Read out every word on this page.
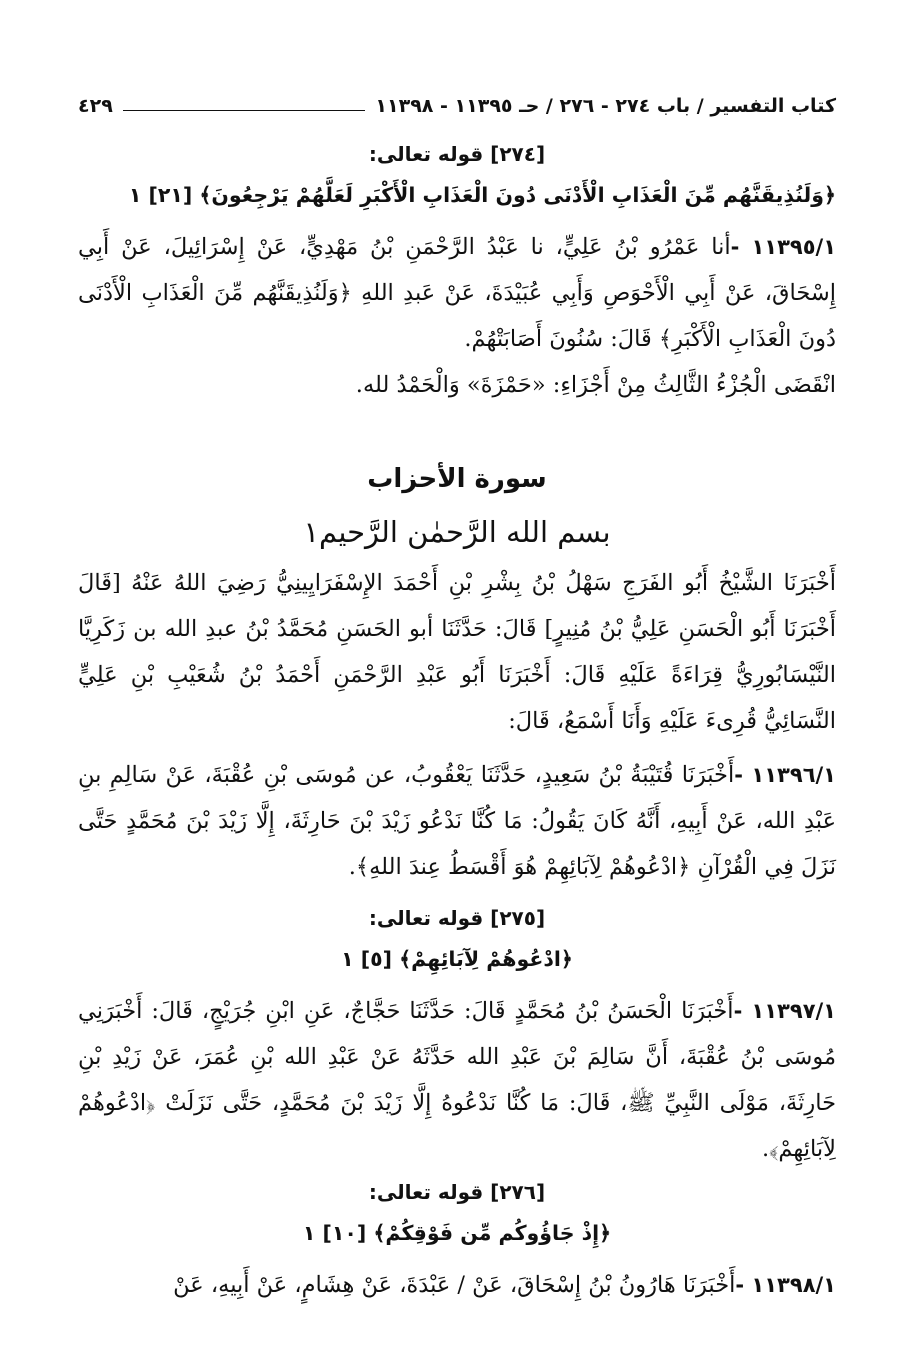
كتاب التفسير / باب ٢٧٤ - ٢٧٦ / حـ ١١٣٩٥ - ١١٣٩٨
٤٢٩

[٢٧٤] قوله تعالى:

﴿وَلَنُذِيقَنَّهُم مِّنَ الْعَذَابِ الْأَدْنَى دُونَ الْعَذَابِ الْأَكْبَرِ لَعَلَّهُمْ يَرْجِعُونَ﴾ [٢١] ١

١١٣٩٥/١ -أنا عَمْرُو بْنُ عَلِيٍّ، نا عَبْدُ الرَّحْمَنِ بْنُ مَهْدِيٍّ، عَنْ إِسْرَائِيلَ، عَنْ أَبِي إِسْحَاقَ، عَنْ أَبِي الْأَحْوَصِ وَأَبِي عُبَيْدَةَ، عَنْ عَبدِ اللهِ ﴿وَلَنُذِيقَنَّهُم مِّنَ الْعَذَابِ الْأَدْنَى دُونَ الْعَذَابِ الْأَكْبَرِ﴾ قَالَ: سُنُونَ أَصَابَتْهُمْ.

انْقَضَى الْجُزْءُ الثَّالِثُ مِنْ أَجْزَاءِ: «حَمْزَةَ» وَالْحَمْدُ لله.

سورة الأحزاب

بسم الله الرَّحمٰن الرَّحيم١

أَخْبَرَنَا الشَّيْخُ أَبُو الفَرَجِ سَهْلُ بْنُ بِشْرِ بْنِ أَحْمَدَ الإِسْفَرَايِينِيُّ رَضِيَ اللهُ عَنْهُ [قَالَ أَخْبَرَنَا أَبُو الْحَسَنِ عَلِيُّ بْنُ مُنِيرٍ] قَالَ: حَدَّثَنَا أبو الحَسَنِ مُحَمَّدُ بْنُ عبدِ الله بن زَكَرِيَّا النَّيْسَابُورِيُّ قِرَاءَةً عَلَيْهِ قَالَ: أَخْبَرَنَا أَبُو عَبْدِ الرَّحْمَنِ أَحْمَدُ بْنُ شُعَيْبِ بْنِ عَلِيٍّ النَّسَائِيُّ قُرِىءَ عَلَيْهِ وَأَنَا أَسْمَعُ، قَالَ:

١١٣٩٦/١ -أَخْبَرَنَا قُتَيْبَةُ بْنُ سَعِيدٍ، حَدَّثَنَا يَعْقُوبُ، عن مُوسَى بْنِ عُقْبَةَ، عَنْ سَالِمِ بنِ عَبْدِ الله، عَنْ أَبِيهِ، أَنَّهُ كَانَ يَقُولُ: مَا كُنَّا نَدْعُو زَيْدَ بْنَ حَارِثَةَ، إِلَّا زَيْدَ بْنَ مُحَمَّدٍ حَتَّى نَزَلَ فِي الْقُرْآنِ ﴿ادْعُوهُمْ لِآبَائِهِمْ هُوَ أَقْسَطُ عِندَ اللهِ﴾.

[٢٧٥] قوله تعالى:

﴿ادْعُوهُمْ لِآبَائِهِمْ﴾ [٥] ١

١١٣٩٧/١ -أَخْبَرَنَا الْحَسَنُ بْنُ مُحَمَّدٍ قَالَ: حَدَّثَنَا حَجَّاجٌ، عَنِ ابْنِ جُرَيْجٍ، قَالَ: أَخْبَرَنِي مُوسَى بْنُ عُقْبَةَ، أَنَّ سَالِمَ بْنَ عَبْدِ الله حَدَّثَهُ عَنْ عَبْدِ الله بْنِ عُمَرَ، عَنْ زَيْدِ بْنِ حَارِثَةَ، مَوْلَى النَّبِيِّ ﷺ، قَالَ: مَا كُنَّا نَدْعُوهُ إِلَّا زَيْدَ بْنَ مُحَمَّدٍ، حَتَّى نَزَلَتْ ﴿ادْعُوهُمْ لِآبَائِهِمْ﴾.

[٢٧٦] قوله تعالى:

﴿إِذْ جَاؤُوكُم مِّن فَوْقِكُمْ﴾ [١٠] ١

١١٣٩٨/١ -أَخْبَرَنَا هَارُونُ بْنُ إِسْحَاقَ، عَنْ / عَبْدَةَ، عَنْ هِشَامٍ، عَنْ أَبِيهِ، عَنْ
